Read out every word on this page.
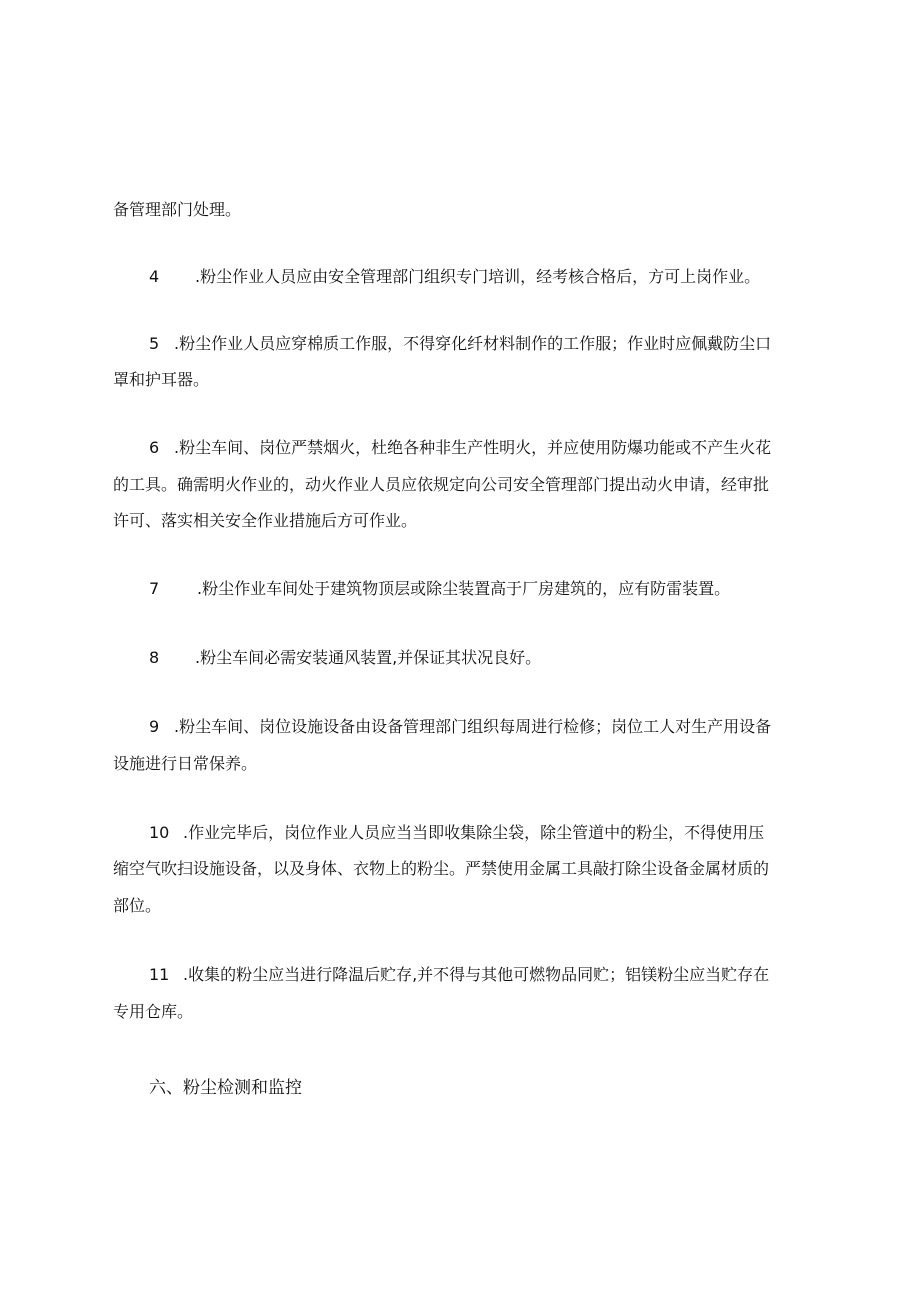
备管理部门处理。
4 .粉尘作业人员应由安全管理部门组织专门培训，经考核合格后，方可上岗作业。
5 .粉尘作业人员应穿棉质工作服，不得穿化纤材料制作的工作服；作业时应佩戴防尘口
罩和护耳器。
6 .粉尘车间、岗位严禁烟火，杜绝各种非生产性明火，并应使用防爆功能或不产生火花
的工具。确需明火作业的，动火作业人员应依规定向公司安全管理部门提出动火申请，经审批
许可、落实相关安全作业措施后方可作业。
7 .粉尘作业车间处于建筑物顶层或除尘装置高于厂房建筑的，应有防雷装置。
8 .粉尘车间必需安装通风装置,并保证其状况良好。
9 .粉尘车间、岗位设施设备由设备管理部门组织每周进行检修；岗位工人对生产用设备
设施进行日常保养。
10 .作业完毕后，岗位作业人员应当当即收集除尘袋，除尘管道中的粉尘，不得使用压
缩空气吹扫设施设备，以及身体、衣物上的粉尘。严禁使用金属工具敲打除尘设备金属材质的
部位。
11 .收集的粉尘应当进行降温后贮存,并不得与其他可燃物品同贮；铝镁粉尘应当贮存在
专用仓库。
六、粉尘检测和监控
